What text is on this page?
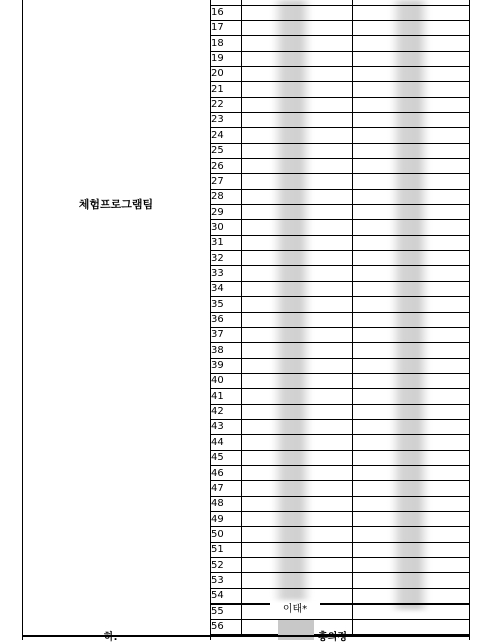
체험프로그램팀
16
17
18
19
20
21
22
23
24
25
26
27
28
29
30
31
32
33
34
35
36
37
38
39
40
41
42
43
44
45
46
47
48
49
50
51
52
53
54
55
56
이태*
하.	홍의정
